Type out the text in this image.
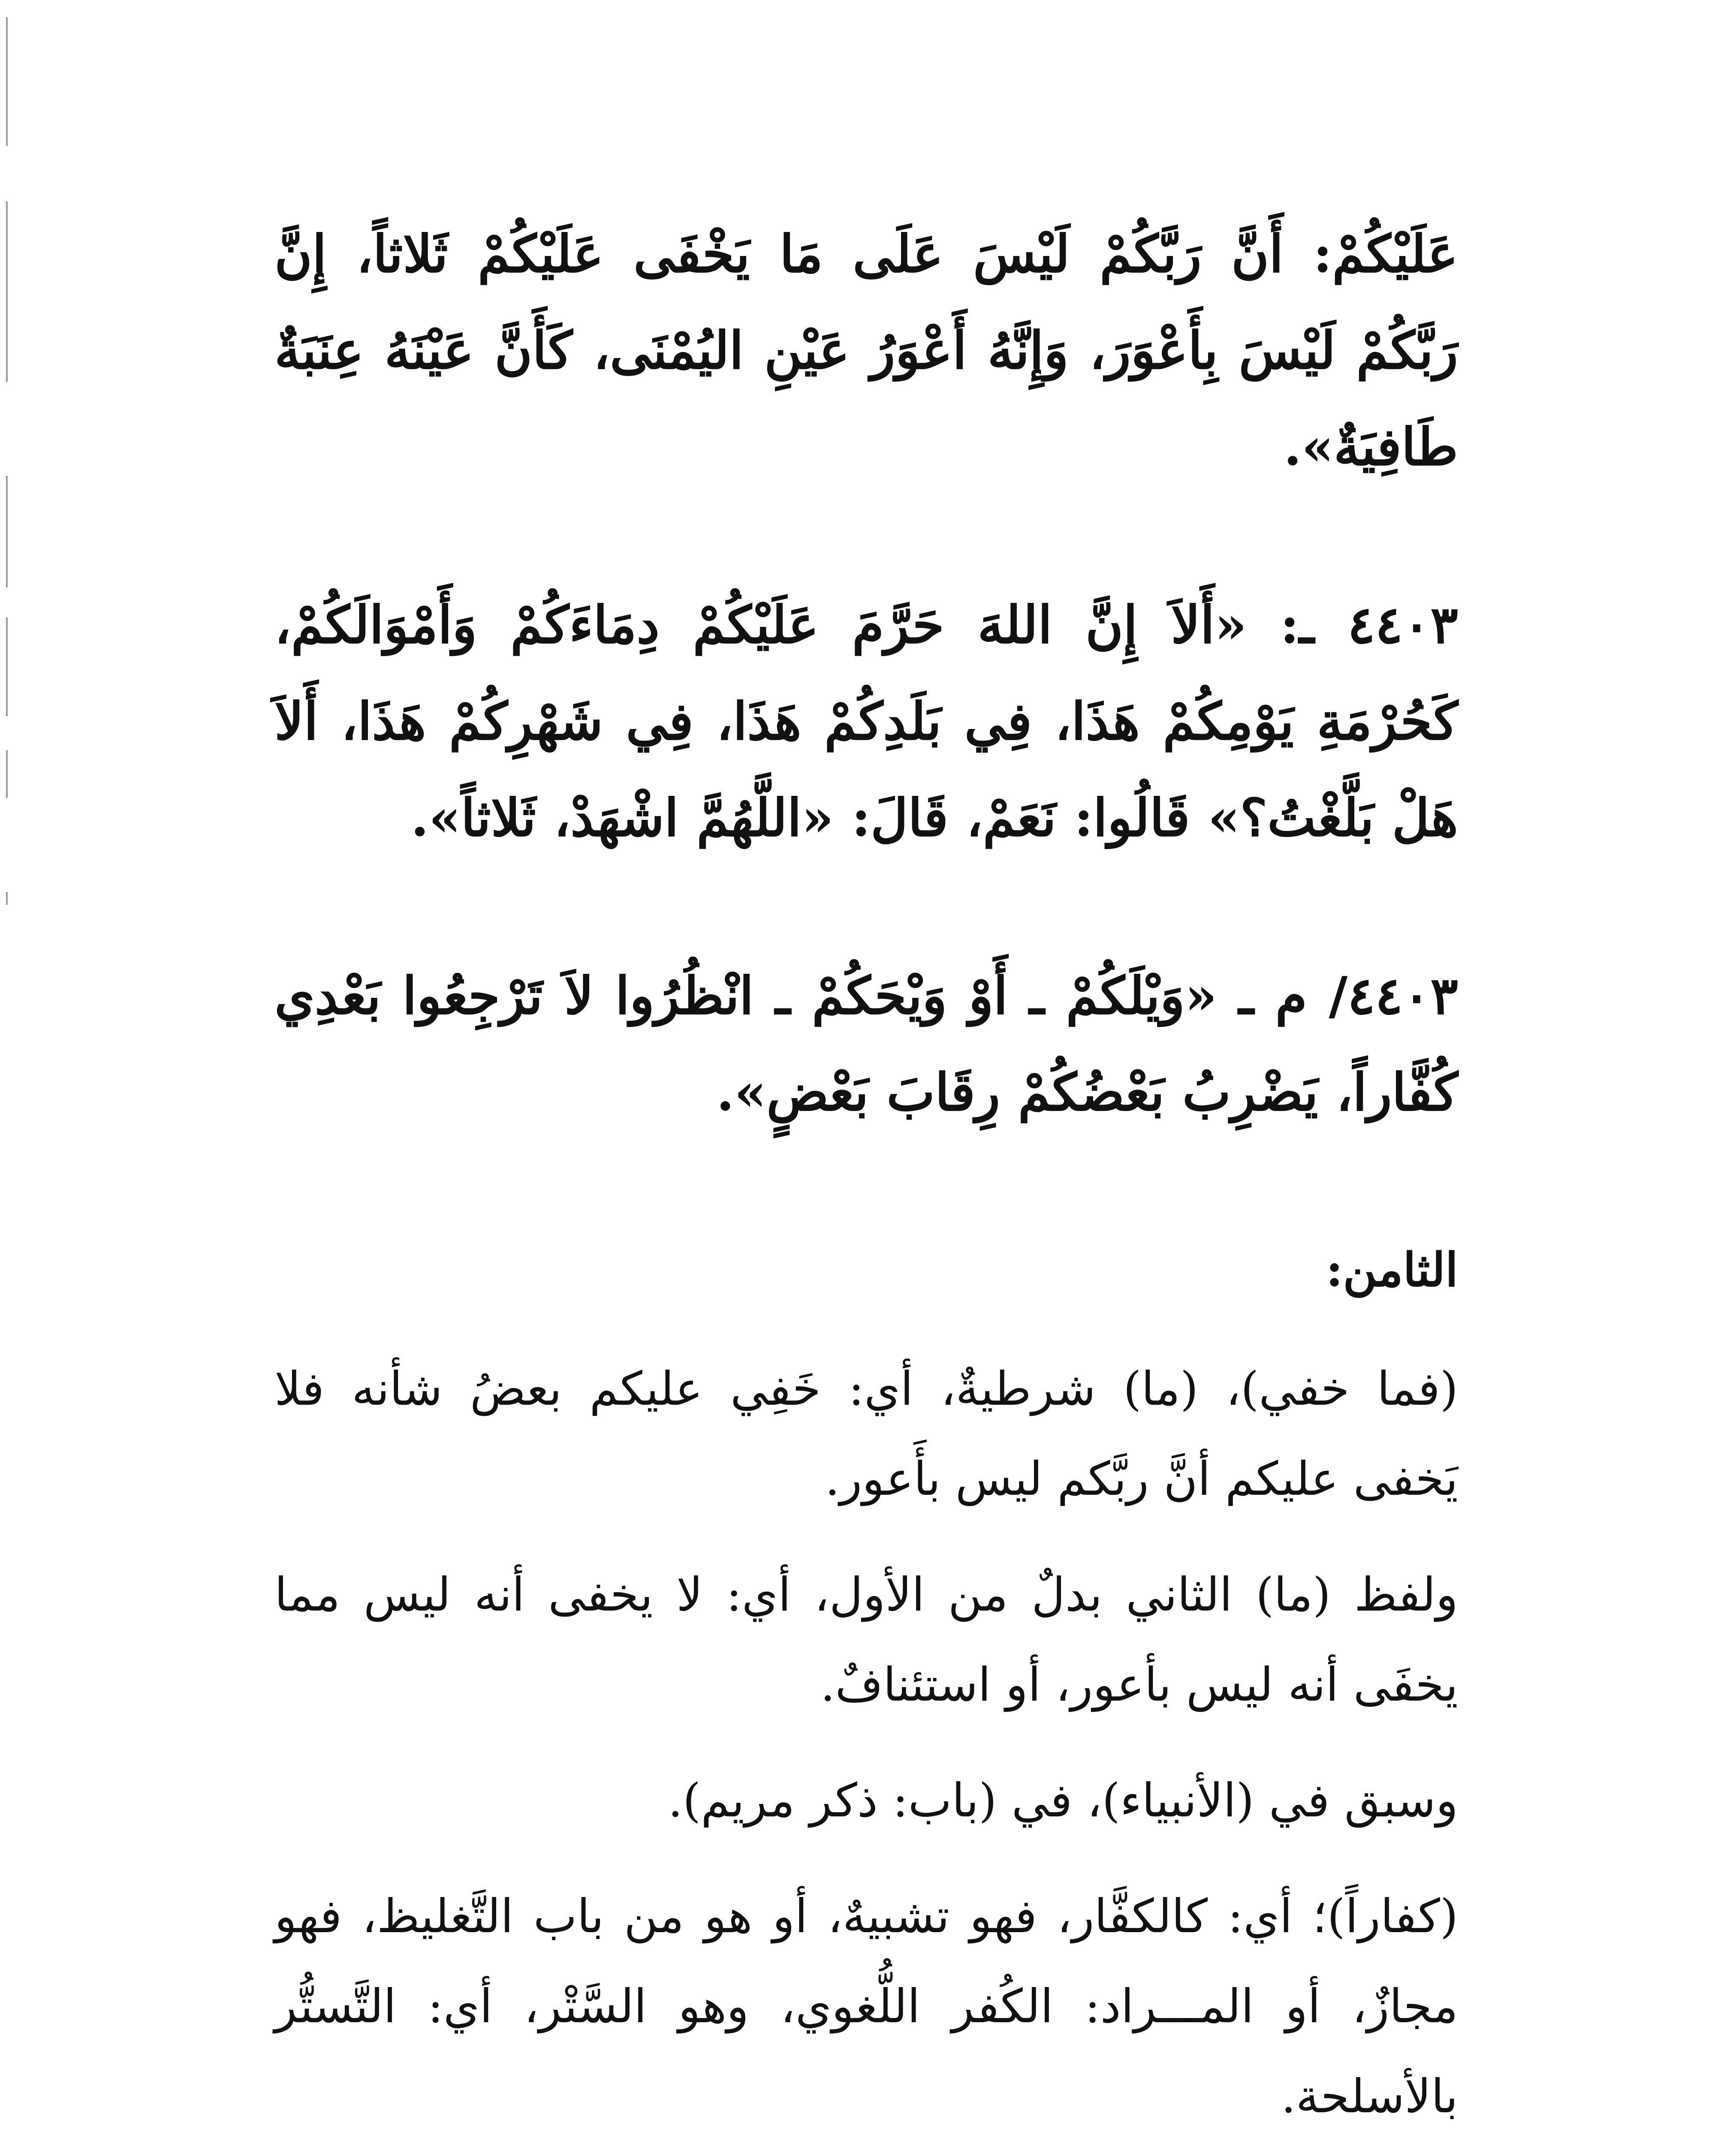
عَلَيْكُمْ: أَنَّ رَبَّكُمْ لَيْسَ عَلَى مَا يَخْفَى عَلَيْكُمْ ثَلاثاً، إِنَّ رَبَّكُمْ لَيْسَ بِأَعْوَرَ، وَإِنَّهُ أَعْوَرُ عَيْنِ اليُمْنَى، كَأَنَّ عَيْنَهُ عِنَبَةٌ طَافِيَةٌ».

٤٤٠٣ ـ: «أَلاَ إِنَّ اللهَ حَرَّمَ عَلَيْكُمْ دِمَاءَكُمْ وَأَمْوَالَكُمْ، كَحُرْمَةِ يَوْمِكُمْ هَذَا، فِي بَلَدِكُمْ هَذَا، فِي شَهْرِكُمْ هَذَا، أَلاَ هَلْ بَلَّغْتُ؟» قَالُوا: نَعَمْ، قَالَ: «اللَّهُمَّ اشْهَدْ، ثَلاثاً».

٤٤٠٣/ م ـ «وَيْلَكُمْ ـ أَوْ وَيْحَكُمْ ـ انْظُرُوا لاَ تَرْجِعُوا بَعْدِي كُفَّاراً، يَضْرِبُ بَعْضُكُمْ رِقَابَ بَعْضٍ».

الثامن:

(فما خفي)، (ما) شرطيةٌ، أي: خَفِي عليكم بعضُ شأنه فلا يَخفى عليكم أنَّ ربَّكم ليس بأَعور.

ولفظ (ما) الثاني بدلٌ من الأول، أي: لا يخفى أنه ليس مما يخفَى أنه ليس بأعور، أو استئنافٌ.

وسبق في (الأنبياء)، في (باب: ذكر مريم).

(كفاراً)؛ أي: كالكفَّار، فهو تشبيهٌ، أو هو من باب التَّغليظ، فهو مجازٌ، أو المـــراد: الكُفر اللُّغوي، وهو السَّتْر، أي: التَّستُّر بالأسلحة.
